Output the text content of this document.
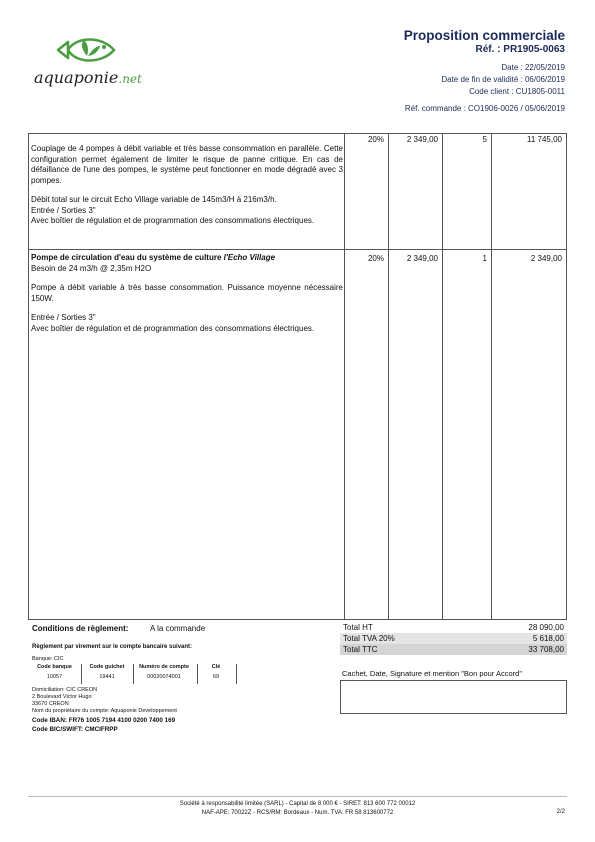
aquaponie.net
Proposition commerciale
Réf. : PR1905-0063
Date : 22/05/2019
Date de fin de validité : 06/06/2019
Code client : CU1805-0011
Réf. commande : CO1906-0026 / 05/06/2019

Couplage de 4 pompes à débit variable et très basse consommation en parallèle. Cette configuration permet également de limiter le risque de panne critique. En cas de défaillance de l'une des pompes, le système peut fonctionner en mode dégradé avec 3 pompes.

Débit total sur le circuit Echo Village variable de 145m3/H à 216m3/h.

Entrée / Sorties 3"

Avec boîtier de régulation et de programmation des consommations électriques.

20%	2 349,00	5	11 745,00

Pompe de circulation d'eau du système de culture l'Echo Village

Besoin de 24 m3/h @ 2,35m H2O

Pompe à débit variable à très basse consommation. Puissance moyenne nécessaire 150W.

Entrée / Sorties 3"

Avec boîtier de régulation et de programmation des consommations électriques.

20%	2 349,00	1	2 349,00
Conditions de règlement:	A la commande
Règlement par virement sur le compte bancaire suivant:
Banque: CIC
Code banque
10057
Code guichet
19441
Numéro de compte
00020074001
Clé
69
Domiciliation: CIC CREON
2 Boulevard Victor Hugo
33670 CREON
Nom du propriétaire du compte: Aquaponie Developpement
Code IBAN: FR76 1005 7194 4100 0200 7400 169
Code BIC/SWIFT: CMCIFRPP
Total HT	28 090,00
Total TVA 20%	5 618,00
Total TTC	33 708,00
Cachet, Date, Signature et mention "Bon pour Accord"
Société à responsabilité limitée (SARL) - Capital de 8 000 € - SIRET: 813 600 772 00012
NAF-APE: 70022Z - RCS/RM: Bordeaux - Num. TVA: FR 58 813600772	2/2
